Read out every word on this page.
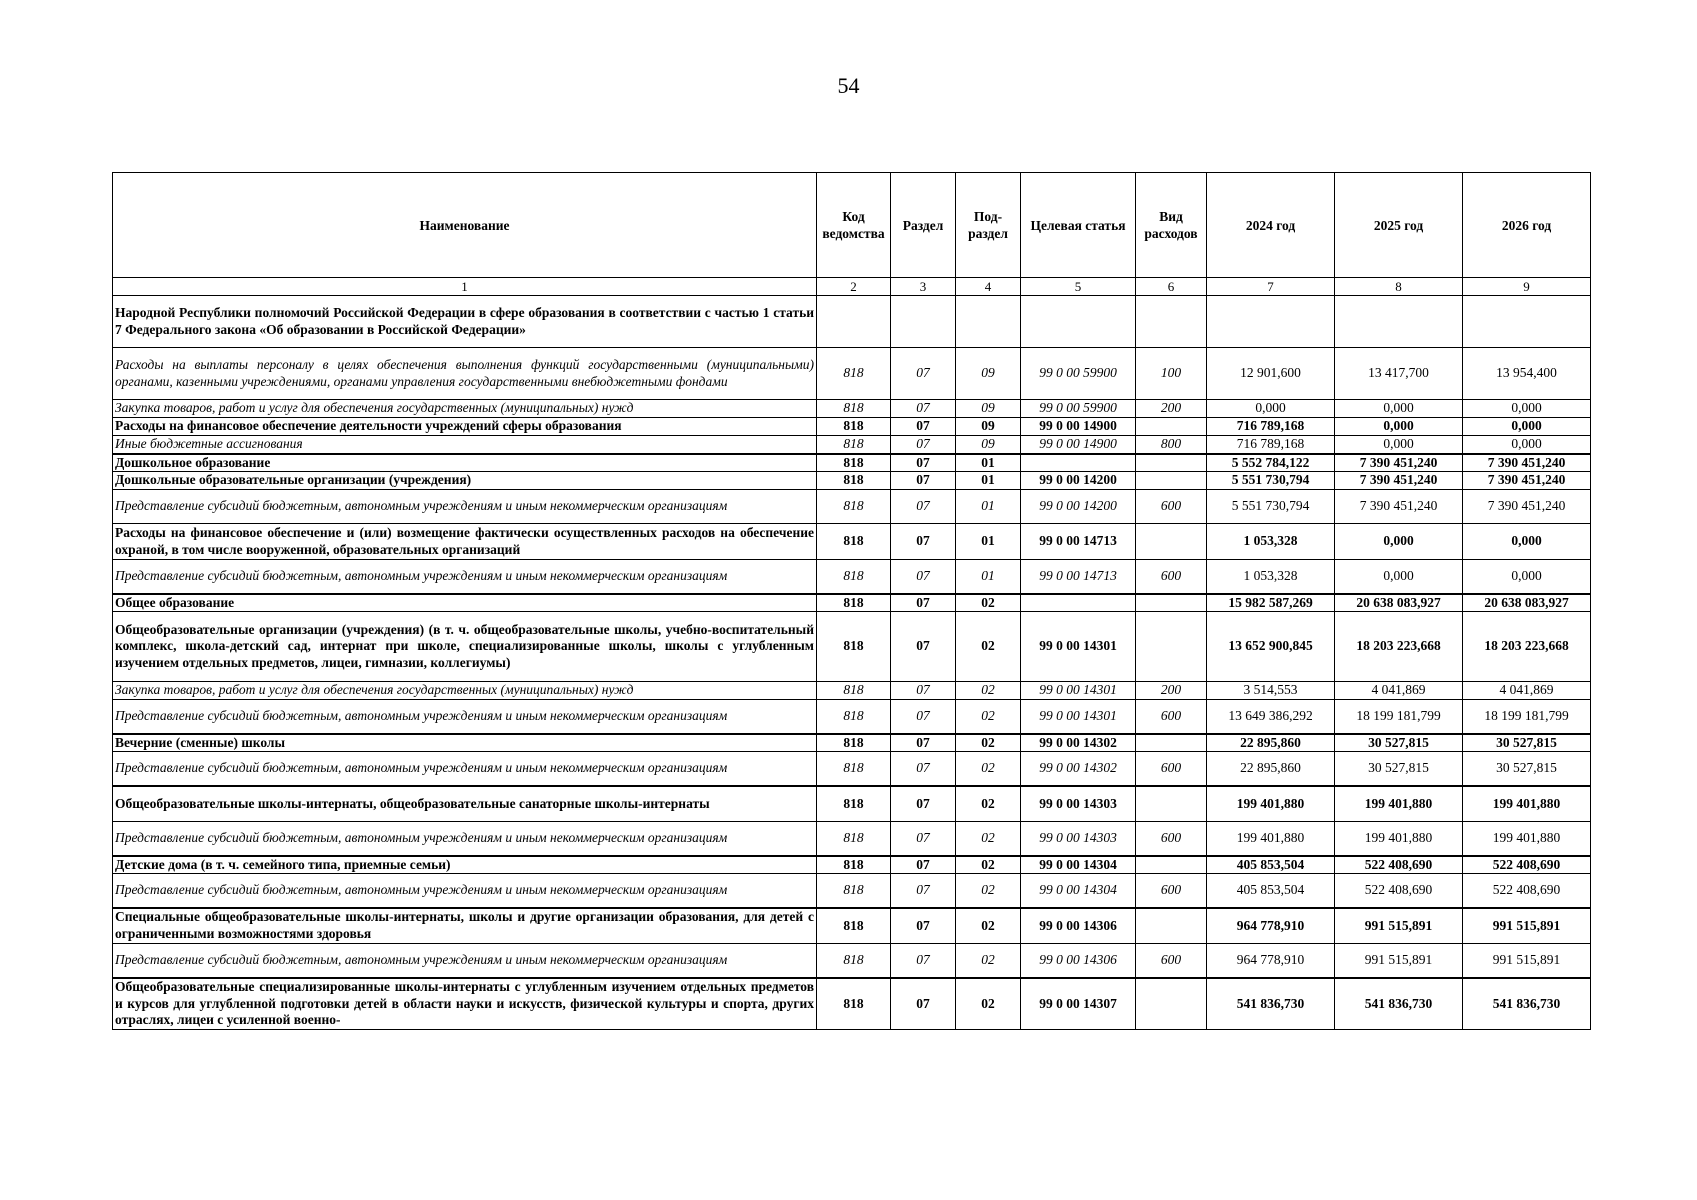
54
Наименование	Код ведомства	Раздел	Под-раздел	Целевая статья	Вид расходов	2024 год	2025 год	2026 год
1	2	3	4	5	6	7	8	9
Народной Республики полномочий Российской Федерации в сфере образования в соответствии с частью 1 статьи 7 Федерального закона «Об образовании в Российской Федерации»								
Расходы на выплаты персоналу в целях обеспечения выполнения функций государственными (муниципальными) органами, казенными учреждениями, органами управления государственными внебюджетными фондами	818	07	09	99 0 00 59900	100	12 901,600	13 417,700	13 954,400
Закупка товаров, работ и услуг для обеспечения государственных (муниципальных) нужд	818	07	09	99 0 00 59900	200	0,000	0,000	0,000
Расходы на финансовое обеспечение деятельности учреждений сферы образования	818	07	09	99 0 00 14900		716 789,168	0,000	0,000
Иные бюджетные ассигнования	818	07	09	99 0 00 14900	800	716 789,168	0,000	0,000
Дошкольное образование	818	07	01			5 552 784,122	7 390 451,240	7 390 451,240
Дошкольные образовательные организации (учреждения)	818	07	01	99 0 00 14200		5 551 730,794	7 390 451,240	7 390 451,240
Представление субсидий бюджетным, автономным учреждениям и иным некоммерческим организациям	818	07	01	99 0 00 14200	600	5 551 730,794	7 390 451,240	7 390 451,240
Расходы на финансовое обеспечение и (или) возмещение фактически осуществленных расходов на обеспечение охраной, в том числе вооруженной, образовательных организаций	818	07	01	99 0 00 14713		1 053,328	0,000	0,000
Представление субсидий бюджетным, автономным учреждениям и иным некоммерческим организациям	818	07	01	99 0 00 14713	600	1 053,328	0,000	0,000
Общее образование	818	07	02			15 982 587,269	20 638 083,927	20 638 083,927
Общеобразовательные организации (учреждения) (в т. ч. общеобразовательные школы, учебно-воспитательный комплекс, школа-детский сад, интернат при школе, специализированные школы, школы с углубленным изучением отдельных предметов, лицеи, гимназии, коллегиумы)	818	07	02	99 0 00 14301		13 652 900,845	18 203 223,668	18 203 223,668
Закупка товаров, работ и услуг для обеспечения государственных (муниципальных) нужд	818	07	02	99 0 00 14301	200	3 514,553	4 041,869	4 041,869
Представление субсидий бюджетным, автономным учреждениям и иным некоммерческим организациям	818	07	02	99 0 00 14301	600	13 649 386,292	18 199 181,799	18 199 181,799
Вечерние (сменные) школы	818	07	02	99 0 00 14302		22 895,860	30 527,815	30 527,815
Представление субсидий бюджетным, автономным учреждениям и иным некоммерческим организациям	818	07	02	99 0 00 14302	600	22 895,860	30 527,815	30 527,815
Общеобразовательные школы-интернаты, общеобразовательные санаторные школы-интернаты	818	07	02	99 0 00 14303		199 401,880	199 401,880	199 401,880
Представление субсидий бюджетным, автономным учреждениям и иным некоммерческим организациям	818	07	02	99 0 00 14303	600	199 401,880	199 401,880	199 401,880
Детские дома (в т. ч. семейного типа, приемные семьи)	818	07	02	99 0 00 14304		405 853,504	522 408,690	522 408,690
Представление субсидий бюджетным, автономным учреждениям и иным некоммерческим организациям	818	07	02	99 0 00 14304	600	405 853,504	522 408,690	522 408,690
Специальные общеобразовательные школы-интернаты, школы и другие организации образования, для детей с ограниченными возможностями здоровья	818	07	02	99 0 00 14306		964 778,910	991 515,891	991 515,891
Представление субсидий бюджетным, автономным учреждениям и иным некоммерческим организациям	818	07	02	99 0 00 14306	600	964 778,910	991 515,891	991 515,891
Общеобразовательные специализированные школы-интернаты с углубленным изучением отдельных предметов и курсов для углубленной подготовки детей в области науки и искусств, физической культуры и спорта, других отраслях, лицеи с усиленной военно-	818	07	02	99 0 00 14307		541 836,730	541 836,730	541 836,730
